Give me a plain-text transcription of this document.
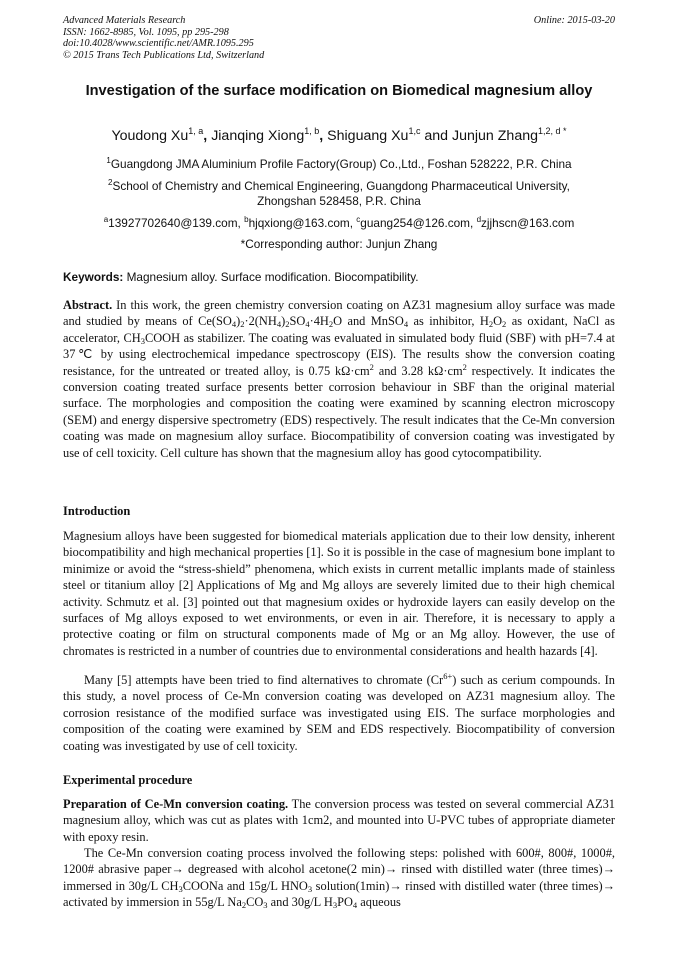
Advanced Materials Research
ISSN: 1662-8985, Vol. 1095, pp 295-298
doi:10.4028/www.scientific.net/AMR.1095.295
© 2015 Trans Tech Publications Ltd, Switzerland
Online: 2015-03-20
Investigation of the surface modification on Biomedical magnesium alloy
Youdong Xu$^{1, a}$, Jianqing Xiong$^{1, b}$, Shiguang Xu$^{1,c}$ and Junjun Zhang$^{1,2, d *}$
$^1$Guangdong JMA Aluminium Profile Factory(Group) Co.,Ltd., Foshan 528222, P.R. China
$^2$School of Chemistry and Chemical Engineering, Guangdong Pharmaceutical University,
Zhongshan 528458, P.R. China
$^a$13927702640@139.com, $^b$hjqxiong@163.com, $^c$guang254@126.com, $^d$zjjhscn@163.com
*Corresponding author: Junjun Zhang
Keywords: Magnesium alloy. Surface modification. Biocompatibility.
Abstract. In this work, the green chemistry conversion coating on AZ31 magnesium alloy surface was made and studied by means of $Ce(SO_4)_2\cdot 2(NH_4)_2SO_4\cdot 4H_2O$ and MnSO$_4$ as inhibitor, $H_2O_2$ as oxidant, NaCl as accelerator, $CH_3COOH$ as stabilizer. The coating was evaluated in simulated body fluid (SBF) with pH=7.4 at 37℃ by using electrochemical impedance spectroscopy (EIS). The results show the conversion coating resistance, for the untreated or treated alloy, is 0.75 $k\Omega\cdot cm^2$ and 3.28 $k\Omega\cdot cm^2$ respectively. It indicates the conversion coating treated surface presents better corrosion behaviour in SBF than the original material surface. The morphologies and composition the coating were examined by scanning electron microscopy (SEM) and energy dispersive spectrometry (EDS) respectively. The result indicates that the Ce-Mn conversion coating was made on magnesium alloy surface. Biocompatibility of conversion coating was investigated by use of cell toxicity. Cell culture has shown that the magnesium alloy has good cytocompatibility.
Introduction
Magnesium alloys have been suggested for biomedical materials application due to their low density, inherent biocompatibility and high mechanical properties [1]. So it is possible in the case of magnesium bone implant to minimize or avoid the “stress-shield” phenomena, which exists in current metallic implants made of stainless steel or titanium alloy [2] Applications of Mg and Mg alloys are severely limited due to their high chemical activity. Schmutz et al. [3] pointed out that magnesium oxides or hydroxide layers can easily develop on the surfaces of Mg alloys exposed to wet environments, or even in air. Therefore, it is necessary to apply a protective coating or film on structural components made of Mg or an Mg alloy. However, the use of chromates is restricted in a number of countries due to environmental considerations and health hazards [4].
Many [5] attempts have been tried to find alternatives to chromate $(Cr^{6+})$ such as cerium compounds. In this study, a novel process of Ce-Mn conversion coating was developed on AZ31 magnesium alloy. The corrosion resistance of the modified surface was investigated using EIS. The surface morphologies and composition of the coating were examined by SEM and EDS respectively. Biocompatibility of conversion coating was investigated by use of cell toxicity.
Experimental procedure
Preparation of Ce-Mn conversion coating. The conversion process was tested on several commercial AZ31 magnesium alloy, which was cut as plates with 1cm2, and mounted into U-PVC tubes of appropriate diameter with epoxy resin.
The Ce-Mn conversion coating process involved the following steps: polished with 600#, 800#, 1000#, 1200# abrasive paper→ degreased with alcohol acetone(2 min)→ rinsed with distilled water (three times)→ immersed in 30g/L $CH_3COONa$ and 15g/L $HNO_3$ solution(1min)→ rinsed with distilled water (three times)→ activated by immersion in 55g/L $Na_2CO_3$ and 30g/L $H_3PO_4$ aqueous
